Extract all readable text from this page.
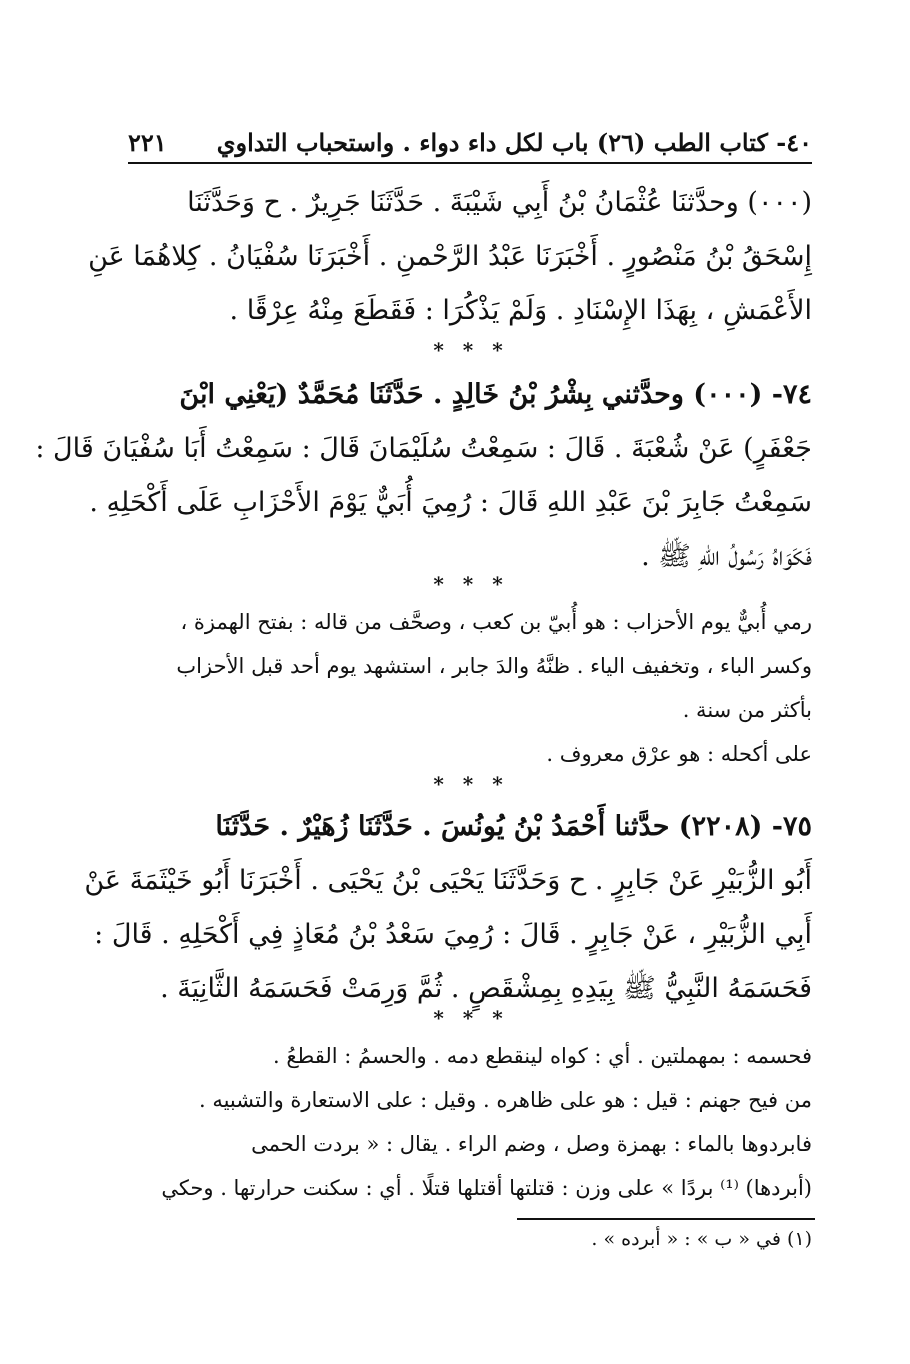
٤٠- كتاب الطب (٢٦) باب لكل داء دواء . واستحباب التداوي
٢٢١
(٠٠٠) وحدَّثنَا عُثْمَانُ بْنُ أَبِي شَيْبَةَ . حَدَّثَنَا جَرِيرٌ . ح وَحَدَّثَنَا
إِسْحَقُ بْنُ مَنْصُورٍ . أَخْبَرَنَا عَبْدُ الرَّحْمنِ . أَخْبَرَنَا سُفْيَانُ . كِلاهُمَا عَنِ
الأَعْمَشِ ، بِهَذَا الإِسْنَادِ . وَلَمْ يَذْكُرَا : فَقَطَعَ مِنْهُ عِرْقًا .
* * *
٧٤- (٠٠٠) وحدَّثني بِشْرُ بْنُ خَالِدٍ . حَدَّثَنَا مُحَمَّدٌ (يَعْنِي ابْنَ
جَعْفَرٍ) عَنْ شُعْبَةَ . قَالَ : سَمِعْتُ سُلَيْمَانَ قَالَ : سَمِعْتُ أَبَا سُفْيَانَ قَالَ :
سَمِعْتُ جَابِرَ بْنَ عَبْدِ اللهِ قَالَ : رُمِيَ أُبَيٌّ يَوْمَ الأَحْزَابِ عَلَى أَكْحَلِهِ .
فَكَوَاهُ رَسُولُ اللهِ ﷺ .
* * *
رمي أُبيٌّ يوم الأحزاب : هو أُبيّ بن كعب ، وصحَّف من قاله : بفتح الهمزة ،
وكسر الباء ، وتخفيف الياء . ظنَّهُ والدَ جابر ، استشهد يوم أحد قبل الأحزاب
بأكثر من سنة .
على أكحله : هو عرْق معروف .
* * *
٧٥- (٢٢٠٨) حدَّثنا أَحْمَدُ بْنُ يُونُسَ . حَدَّثَنَا زُهَيْرٌ . حَدَّثَنَا
أَبُو الزُّبَيْرِ عَنْ جَابِرٍ . ح وَحَدَّثَنَا يَحْيَى بْنُ يَحْيَى . أَخْبَرَنَا أَبُو خَيْثَمَةَ عَنْ
أَبِي الزُّبَيْرِ ، عَنْ جَابِرٍ . قَالَ : رُمِيَ سَعْدُ بْنُ مُعَاذٍ فِي أَكْحَلِهِ . قَالَ :
فَحَسَمَهُ النَّبِيُّ ﷺ بِيَدِهِ بِمِشْقَصٍ . ثُمَّ وَرِمَتْ فَحَسَمَهُ الثَّانِيَةَ .
* * *
فحسمه : بمهملتين . أي : كواه لينقطع دمه . والحسمُ : القطعُ .
من فيح جهنم : قيل : هو على ظاهره . وقيل : على الاستعارة والتشبيه .
فابردوها بالماء : بهمزة وصل ، وضم الراء . يقال : « بردت الحمى
(أبردها) ⁽¹⁾ بردًا » على وزن : قتلتها أقتلها قتلًا . أي : سكنت حرارتها . وحكي
(١) في « ب » : « أبرده » .
